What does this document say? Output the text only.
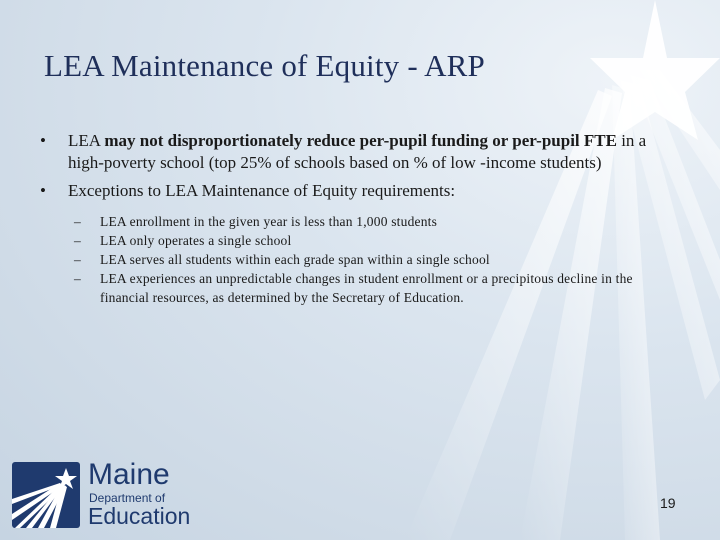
LEA Maintenance of Equity - ARP
• LEA may not disproportionately reduce per-pupil funding or per-pupil FTE in a high-poverty school (top 25% of schools based on % of low -income students)
• Exceptions to LEA Maintenance of Equity requirements:
– LEA enrollment in the given year is less than 1,000 students
– LEA only operates a single school
– LEA serves all students within each grade span within a single school
– LEA experiences an unpredictable changes in student enrollment or a precipitous decline in the financial resources, as determined by the Secretary of Education.
Maine
Department of
Education	19
